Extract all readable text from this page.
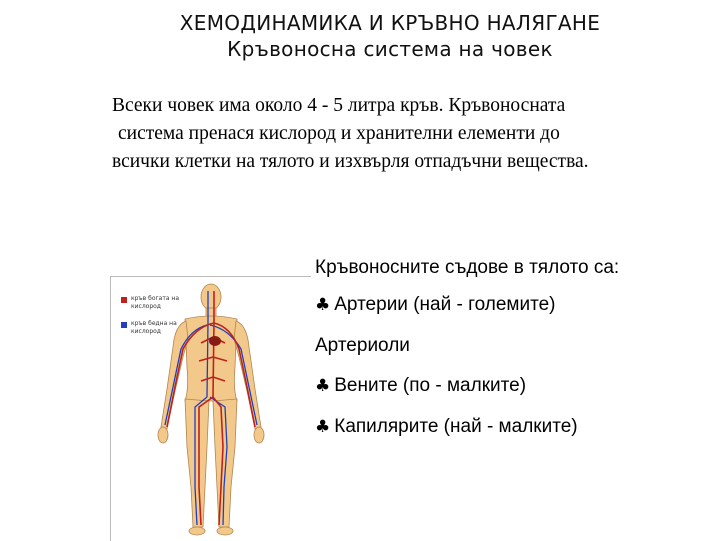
ХЕМОДИНАМИКА И КРЪВНО НАЛЯГАНЕ
Кръвоносна система на човек
Всеки човек има около 4 - 5 литра кръв. Кръвоносната
система пренася кислород и хранителни елементи до
всички клетки на тялото и изхвърля отпадъчни вещества.
кръв богата на кислород
кръв бедна на кислород
Кръвоносните съдове в тялото са:
♣ Артерии (най - големите)
Артериоли
♣ Вените (по - малките)
♣ Капилярите (най - малките)
